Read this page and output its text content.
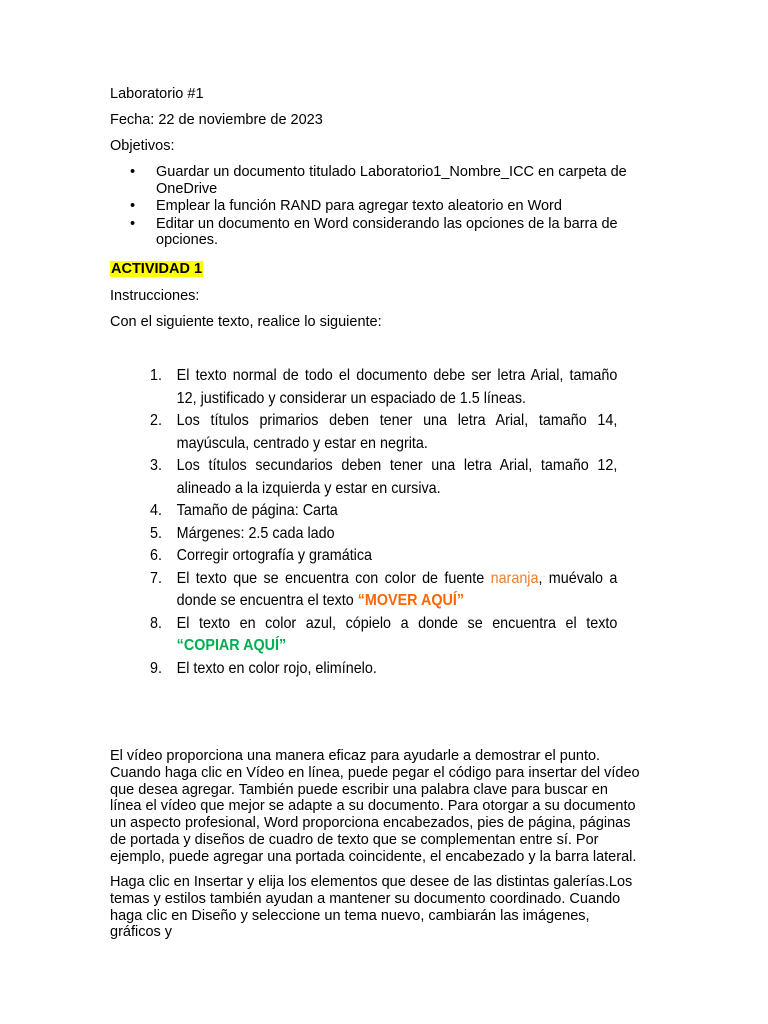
Laboratorio #1
Fecha: 22 de noviembre de 2023
Objetivos:
• Guardar un documento titulado Laboratorio1_Nombre_ICC en carpeta de OneDrive
• Emplear la función RAND para agregar texto aleatorio en Word
• Editar un documento en Word considerando las opciones de la barra de opciones.
ACTIVIDAD 1
Instrucciones:
Con el siguiente texto, realice lo siguiente:
1. El texto normal de todo el documento debe ser letra Arial, tamaño 12, justificado y considerar un espaciado de 1.5 líneas.
2. Los títulos primarios deben tener una letra Arial, tamaño 14, mayúscula, centrado y estar en negrita.
3. Los títulos secundarios deben tener una letra Arial, tamaño 12, alineado a la izquierda y estar en cursiva.
4. Tamaño de página: Carta
5. Márgenes: 2.5 cada lado
6. Corregir ortografía y gramática
7. El texto que se encuentra con color de fuente naranja, muévalo a donde se encuentra el texto “MOVER AQUÍ”
8. El texto en color azul, cópielo a donde se encuentra el texto “COPIAR AQUÍ”
9. El texto en color rojo, elimínelo.

El vídeo proporciona una manera eficaz para ayudarle a demostrar el punto. Cuando haga clic en Vídeo en línea, puede pegar el código para insertar del vídeo que desea agregar. También puede escribir una palabra clave para buscar en línea el vídeo que mejor se adapte a su documento. Para otorgar a su documento un aspecto profesional, Word proporciona encabezados, pies de página, páginas de portada y diseños de cuadro de texto que se complementan entre sí. Por ejemplo, puede agregar una portada coincidente, el encabezado y la barra lateral.

Haga clic en Insertar y elija los elementos que desee de las distintas galerías.Los temas y estilos también ayudan a mantener su documento coordinado. Cuando haga clic en Diseño y seleccione un tema nuevo, cambiarán las imágenes, gráficos y
